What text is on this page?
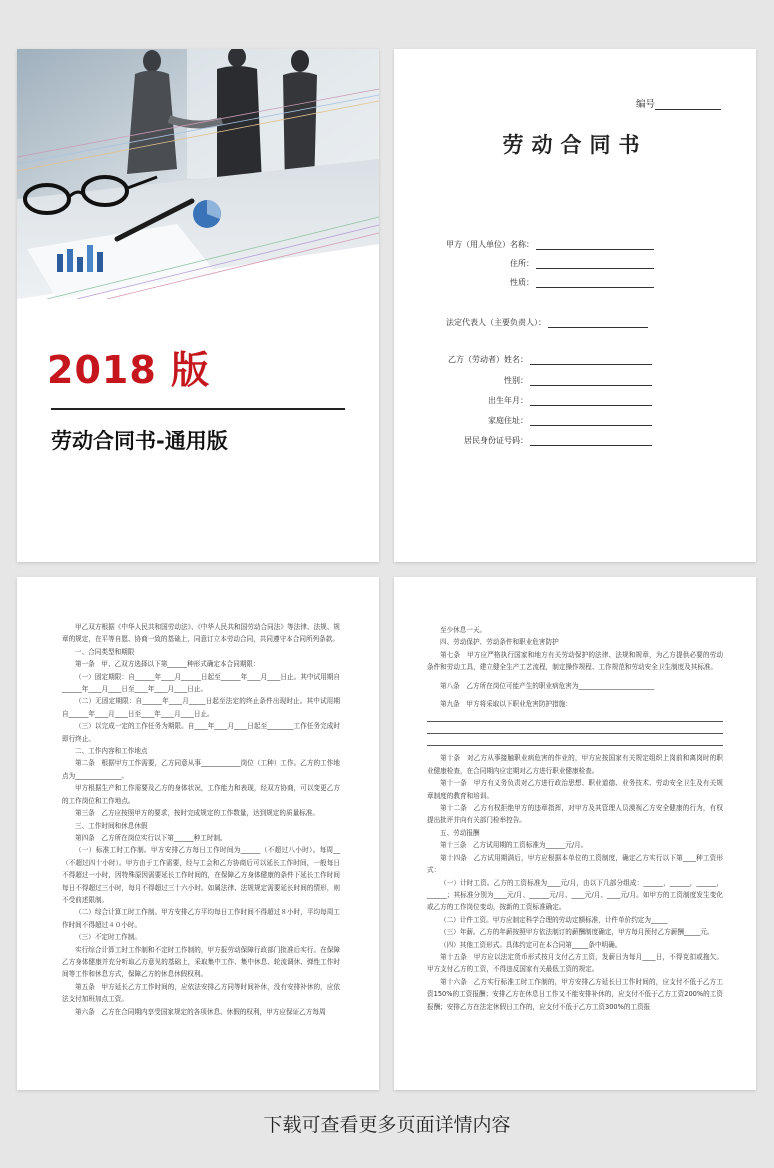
2018 版
劳动合同书-通用版
编号
劳动合同书
甲方（用人单位）名称：
住所：
性质：
法定代表人（主要负责人）：
乙方（劳动者）姓名：
性别：
出生年月：
家庭住址：
居民身份证号码：

甲乙双方根据《中华人民共和国劳动法》、《中华人民共和国劳动合同法》等法律、法规、规章的规定，在平等自愿、协商一致的基础上，同意订立本劳动合同，共同遵守本合同所列条款。

一、合同类型和期限

第一条　甲、乙双方选择以下第______种形式确定本合同期限：

（一）固定期限：自______年____月______日起至______年____月____日止。其中试用期自______年____月____日至____年____月____日止。

（二）无固定期限：自______年____月_____日起至法定的终止条件出现时止。其中试用期自______年____月____日至____年____月____日止。

（三）以完成一定的工作任务为期限。自____年____月____日起至________工作任务完成时即行终止。

二、工作内容和工作地点

第二条　根据甲方工作需要，乙方同意从事____________岗位（工种）工作。乙方的工作地点为______________。

甲方根据生产和工作需要及乙方的身体状况，工作能力和表现，经双方协商，可以变更乙方的工作岗位和工作地点。

第三条　乙方应按照甲方的要求，按时完成规定的工作数量，达到规定的质量标准。

三、工作时间和休息休假

第四条　乙方所在岗位实行以下第______种工时制。

（一）标准工时工作制。甲方安排乙方每日工作时间为______（不超过八小时）。每周__（不超过四十小时）。甲方由于工作需要，经与工会和乙方协商后可以延长工作时间，一般每日不得超过一小时，因特殊原因需要延长工作时间的，在保障乙方身体健康的条件下延长工作时间每日不得超过三小时，每月不得超过三十六小时。如属法律、法规规定需要延长时间的情形，则不受前述限制。

（二）综合计算工时工作制。甲方安排乙方平均每日工作时间不得超过８小时，平均每周工作时间不得超过４０小时。

（三）不定时工作制。

实行综合计算工时工作制和不定时工作制的，甲方报劳动保障行政部门批准后实行。在保障乙方身体健康并充分听取乙方意见的基础上，采取集中工作、集中休息、轮流调休、弹性工作时间等工作和休息方式，保障乙方的休息休假权利。

第五条　甲方延长乙方工作时间的，应依法安排乙方同等时间补休，没有安排补休的，应依法支付加班加点工资。

第六条　乙方在合同期内享受国家规定的各项休息、休假的权利，甲方应保证乙方每周

至少休息一天。

四、劳动保护、劳动条件和职业危害防护

第七条　甲方应严格执行国家和地方有关劳动保护的法律、法规和规章，为乙方提供必要的劳动条件和劳动工具，建立健全生产工艺流程，制定操作规程、工作规范和劳动安全卫生制度及其标准。

第八条　乙方所在岗位可能产生的职业病危害为_______________________

第九条　甲方将采取以下职业危害防护措施：

第十条　对乙方从事接触职业病危害的作业的，甲方应按国家有关规定组织上岗前和离岗时的职业健康检查，在合同期内应定期对乙方进行职业健康检查。

第十一条　甲方有义务负责对乙方进行政治思想、职业道德、业务技术、劳动安全卫生及有关规章制度的教育和培训。

第十二条　乙方有权拒绝甲方的违章指挥，对甲方及其管理人员漠视乙方安全健康的行为，有权提出批评并向有关部门检举控告。

五、劳动报酬

第十三条　乙方试用期的工资标准为______元/月。

第十四条　乙方试用期满后，甲方应根据本单位的工资制度，确定乙方实行以下第____种工资形式：

（一）计时工资。乙方的工资标准为____元/月，由以下几部分组成：______，______，______，______；其标准分别为____元/月、______元/月、____元/月、____元/月。如甲方的工资制度发生变化或乙方的工作岗位变动，按新的工资标准确定。

（二）计件工资。甲方应制定科学合理的劳动定额标准，计件单价约定为_____

（三）年薪。乙方的年薪按照甲方依法制订的薪酬制度确定，甲方每月预付乙方薪酬_____元。

（四）其他工资形式。具体约定可在本合同第_____条中明确。

第十五条　甲方应以法定货币形式按月支付乙方工资，发薪日为每月____日，不得克扣或拖欠。甲方支付乙方的工资，不得违反国家有关最低工资的规定。

第十六条　乙方实行标准工时工作制的，甲方安排乙方延长日工作时间的，应支付不低于乙方工资150%的工资报酬；安排乙方在休息日工作又不能安排补休的，应支付不低于乙方工资200%的工资报酬；安排乙方在法定休假日工作的，应支付不低于乙方工资300%的工资报

下载可查看更多页面详情内容
